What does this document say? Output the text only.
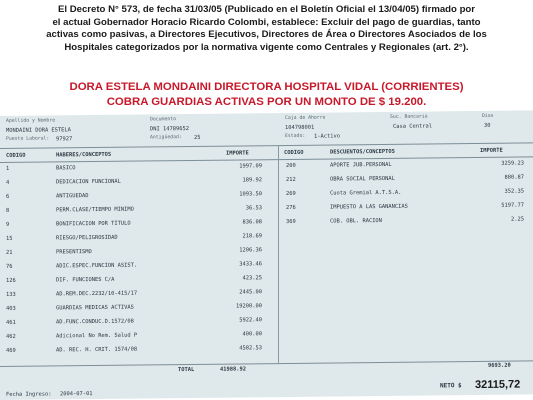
El Decreto N° 573, de fecha 31/03/05 (Publicado en el Boletín Oficial el 13/04/05) firmado por
el actual Gobernador Horacio Ricardo Colombi, establece: Excluir del pago de guardias, tanto
activas como pasivas, a Directores Ejecutivos, Directores de Área o Directores Asociados de los
Hospitales categorizados por la normativa vigente como Centrales y Regionales (art. 2°).
DORA ESTELA MONDAINI DIRECTORA HOSPITAL VIDAL (CORRIENTES)
COBRA GUARDIAS ACTIVAS POR UN MONTO DE $ 19.200.
Apellido y Nombre
MONDAINI DORA ESTELA
Puesto Laboral: 97927
Documento
DNI 14789652
Antigüedad: 25
Caja de Ahorro
104798001
Estado: 1-Activo
Suc. Bancaria
Casa Central
Dias
30
CODIGO	HABERES/CONCEPTOS	IMPORTE	CODIGO	DESCUENTOS/CONCEPTOS	IMPORTE
1	BASICO	1997.09
4	DEDICACION FUNCIONAL	189.92
6	ANTIGUEDAD	1093.50
8	PERM.CLASE/TIEMPO MINIMO	36.53
9	BONIFICACION POR TITULO	836.08
15	RIESGO/PELIGROSIDAD	218.69
21	PRESENTISMO	1206.36
76	ADIC.ESPEC.FUNCION ASIST.	3433.46
126	DIF. FUNCIONES C/A	423.25
133	AD.REM.DEC.2232/10-415/17	2445.00
403	GUARDIAS MEDICAS ACTIVAS	19200.00
461	AD.FUNC.CONDUC.D.1572/08	5922.40
462	Adicional No Rem. Salud P	400.00
469	AD. REC. H. CRIT. 1574/08	4582.53
200	APORTE JUB.PERSONAL	3259.23
212	OBRA SOCIAL PERSONAL	880.87
269	Cuota Gremial A.T.S.A.	352.35
276	IMPUESTO A LAS GANANCIAS	5197.77
369	COB. OBL. RACION	2.25
TOTAL	41988.92
9693.20
Fecha Ingreso: 2004-07-01
NETO $ 32115,72
